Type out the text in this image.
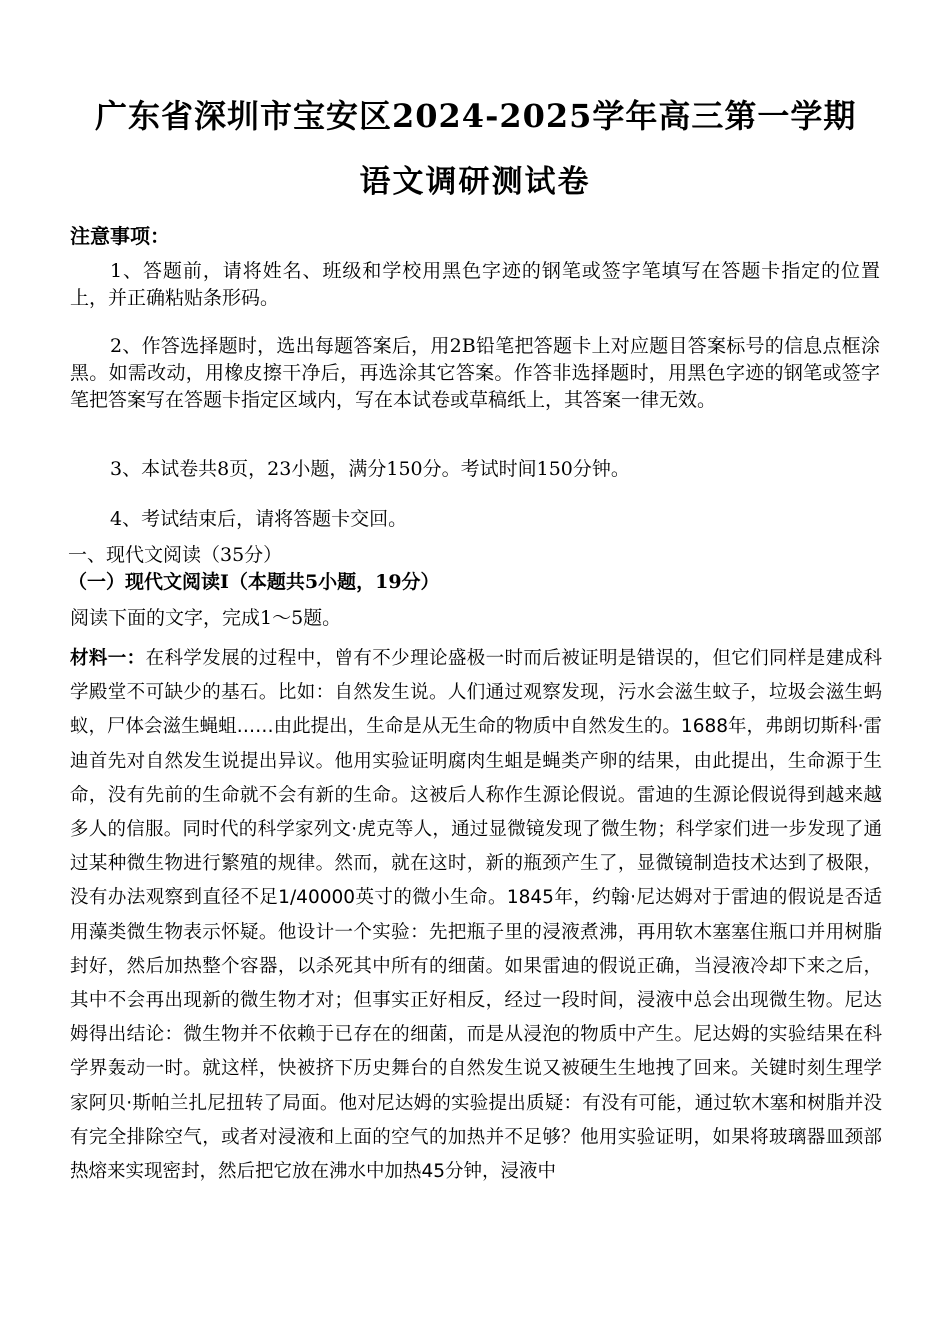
广东省深圳市宝安区2024-2025学年高三第一学期
语文调研测试卷
注意事项：
1、答题前，请将姓名、班级和学校用黑色字迹的钢笔或签字笔填写在答题卡指定的位置上，并正确粘贴条形码。
2、作答选择题时，选出每题答案后，用2B铅笔把答题卡上对应题目答案标号的信息点框涂黑。如需改动，用橡皮擦干净后，再选涂其它答案。作答非选择题时，用黑色字迹的钢笔或签字笔把答案写在答题卡指定区域内，写在本试卷或草稿纸上，其答案一律无效。
3、本试卷共8页，23小题，满分150分。考试时间150分钟。
4、考试结束后，请将答题卡交回。
一、现代文阅读（35分）
（一）现代文阅读Ⅰ（本题共5小题，19分）
阅读下面的文字，完成1～5题。
材料一：在科学发展的过程中，曾有不少理论盛极一时而后被证明是错误的，但它们同样是建成科学殿堂不可缺少的基石。比如：自然发生说。人们通过观察发现，污水会滋生蚊子，垃圾会滋生蚂蚁，尸体会滋生蝇蛆……由此提出，生命是从无生命的物质中自然发生的。1688年，弗朗切斯科·雷迪首先对自然发生说提出异议。他用实验证明腐肉生蛆是蝇类产卵的结果，由此提出，生命源于生命，没有先前的生命就不会有新的生命。这被后人称作生源论假说。雷迪的生源论假说得到越来越多人的信服。同时代的科学家列文·虎克等人，通过显微镜发现了微生物；科学家们进一步发现了通过某种微生物进行繁殖的规律。然而，就在这时，新的瓶颈产生了，显微镜制造技术达到了极限，没有办法观察到直径不足1/40000英寸的微小生命。1845年，约翰·尼达姆对于雷迪的假说是否适用藻类微生物表示怀疑。他设计一个实验：先把瓶子里的浸液煮沸，再用软木塞塞住瓶口并用树脂封好，然后加热整个容器，以杀死其中所有的细菌。如果雷迪的假说正确，当浸液冷却下来之后，其中不会再出现新的微生物才对；但事实正好相反，经过一段时间，浸液中总会出现微生物。尼达姆得出结论：微生物并不依赖于已存在的细菌，而是从浸泡的物质中产生。尼达姆的实验结果在科学界轰动一时。就这样，快被挤下历史舞台的自然发生说又被硬生生地拽了回来。关键时刻生理学家阿贝·斯帕兰扎尼扭转了局面。他对尼达姆的实验提出质疑：有没有可能，通过软木塞和树脂并没有完全排除空气，或者对浸液和上面的空气的加热并不足够？他用实验证明，如果将玻璃器皿颈部热熔来实现密封，然后把它放在沸水中加热45分钟，浸液中
